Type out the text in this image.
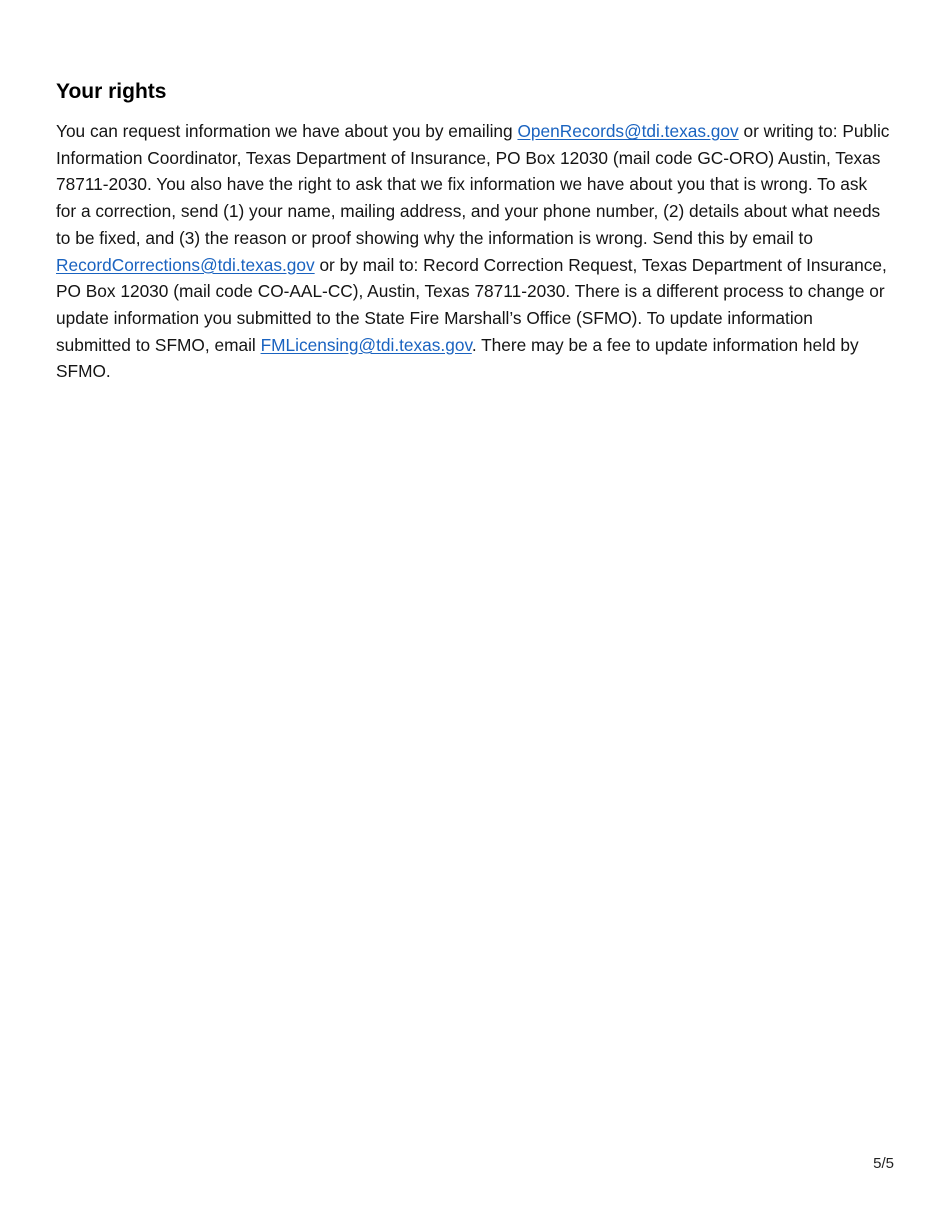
Your rights

You can request information we have about you by emailing OpenRecords@tdi.texas.gov or writing to: Public Information Coordinator, Texas Department of Insurance, PO Box 12030 (mail code GC-ORO) Austin, Texas 78711-2030. You also have the right to ask that we fix information we have about you that is wrong. To ask for a correction, send (1) your name, mailing address, and your phone number, (2) details about what needs to be fixed, and (3) the reason or proof showing why the information is wrong. Send this by email to RecordCorrections@tdi.texas.gov or by mail to: Record Correction Request, Texas Department of Insurance, PO Box 12030 (mail code CO-AAL-CC), Austin, Texas 78711-2030. There is a different process to change or update information you submitted to the State Fire Marshall’s Office (SFMO). To update information submitted to SFMO, email FMLicensing@tdi.texas.gov. There may be a fee to update information held by SFMO.

5/5
